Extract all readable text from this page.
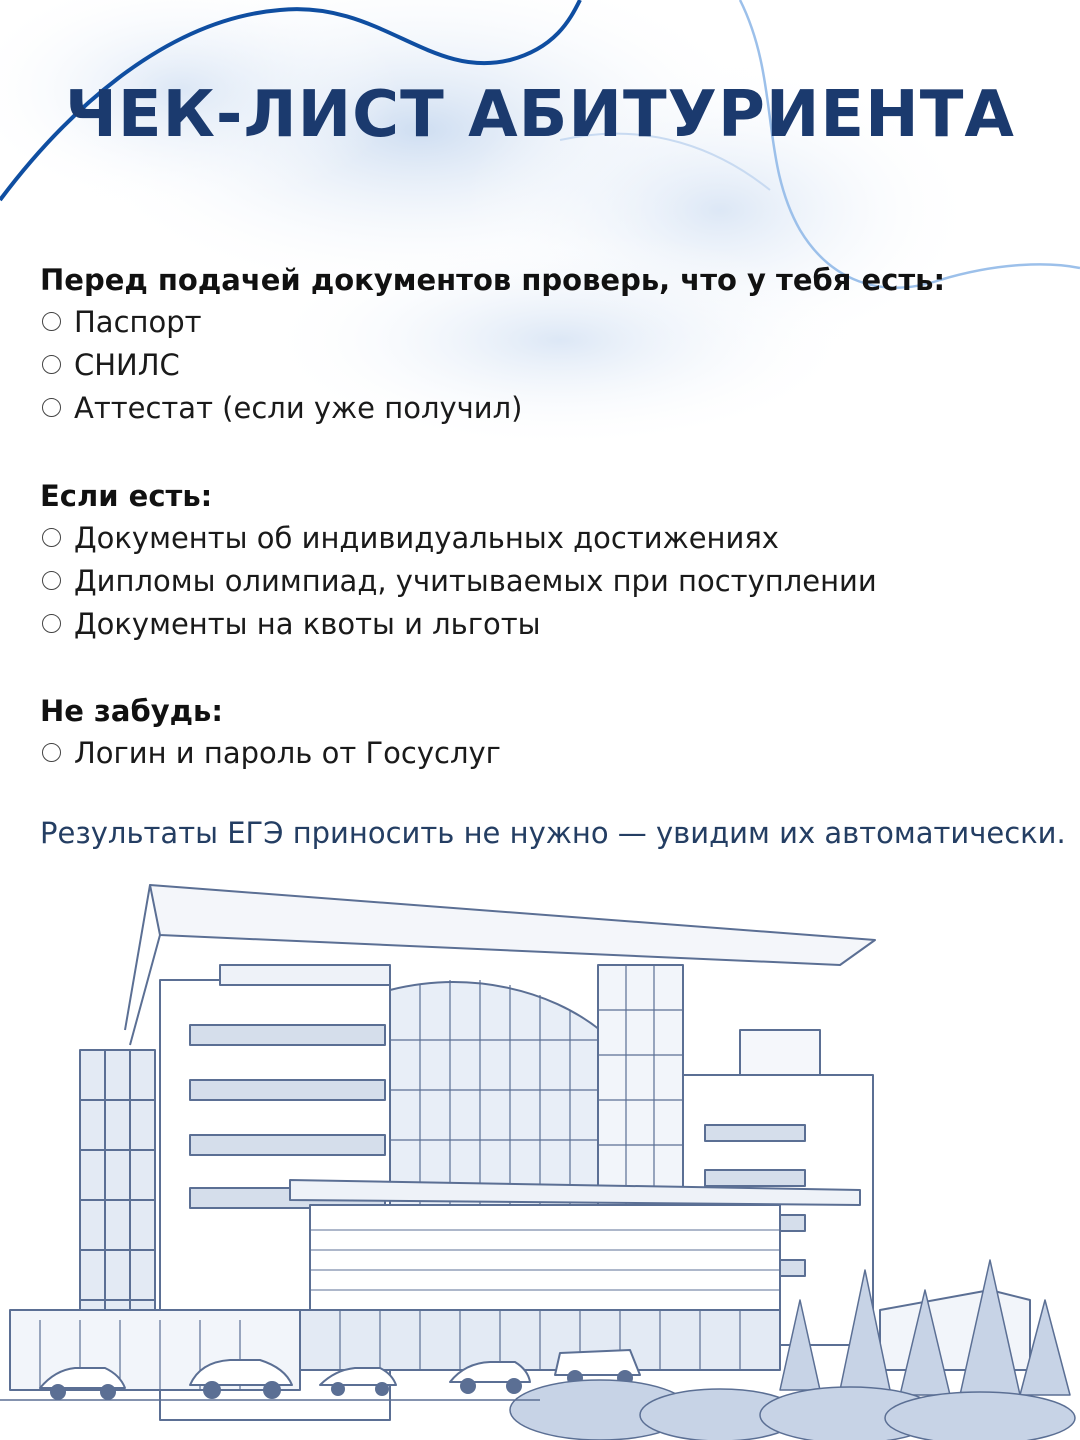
ЧЕК-ЛИСТ АБИТУРИЕНТА
Перед подачей документов проверь, что у тебя есть:
Паспорт
СНИЛС
Аттестат (если уже получил)
Если есть:
Документы об индивидуальных достижениях
Дипломы олимпиад, учитываемых при поступлении
Документы на квоты и льготы
Не забудь:
Логин и пароль от Госуслуг
Результаты ЕГЭ приносить не нужно — увидим их автоматически.
